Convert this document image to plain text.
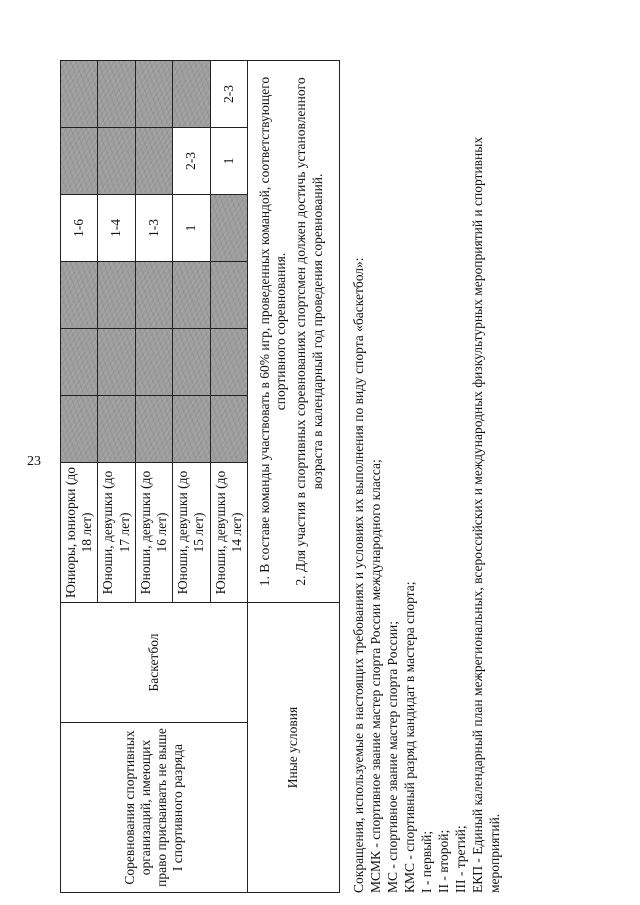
23
Соревнования спортивных организаций, имеющих право присваивать не выше I спортивного разряда	Баскетбол	Юниоры, юниорки (до 18 лет)				1-6		
		Юноши, девушки (до 17 лет)				1-4		
		Юноши, девушки (до 16 лет)				1-3		
		Юноши, девушки (до 15 лет)				1	2-3	
		Юноши, девушки (до 14 лет)					1	2-3
Иные условия		1. В составе команды участвовать в 60% игр, проведенных командой, соответствующего спортивного соревнования. 2. Для участия в спортивных соревнованиях спортсмен должен достичь установленного возраста в календарный год проведения соревнований.						Сокращения, используемые в настоящих требованиях и условиях их выполнения по виду спорта «баскетбол»: МСМК - спортивное звание мастер спорта России международного класса; МС - спортивное звание мастер спорта России; КМС - спортивный разряд кандидат в мастера спорта; I - первый; II - второй; III - третий; ЕКП - Единый календарный план межрегиональных, всероссийских и международных физкультурных мероприятий и спортивных мероприятий.
